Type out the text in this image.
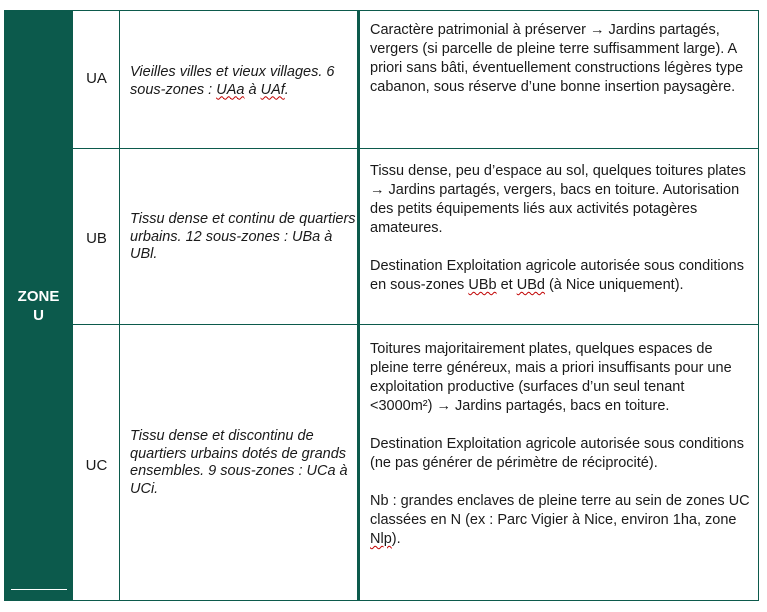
ZONE
U
UA	Vieilles villes et vieux villages. 6 sous-zones : UAa à UAf.

Caractère patrimonial à préserver → Jardins partagés, vergers (si parcelle de pleine terre suffisamment large). A priori sans bâti, éventuellement constructions légères type cabanon, sous réserve d’une bonne insertion paysagère.

UB
Tissu dense et continu de quartiers urbains. 12 sous-zones : UBa à UBl.

Tissu dense, peu d’espace au sol, quelques toitures plates → Jardins partagés, vergers, bacs en toiture. Autorisation des petits équipements liés aux activités potagères amateures.

Destination Exploitation agricole autorisée sous conditions en sous-zones UBb et UBd (à Nice uniquement).

UC
Tissu dense et discontinu de quartiers urbains dotés de grands ensembles. 9 sous-zones : UCa à UCi.

Toitures majoritairement plates, quelques espaces de pleine terre généreux, mais a priori insuffisants pour une exploitation productive (surfaces d’un seul tenant <3000m²) → Jardins partagés, bacs en toiture.

Destination Exploitation agricole autorisée sous conditions (ne pas générer de périmètre de réciprocité).

Nb : grandes enclaves de pleine terre au sein de zones UC classées en N (ex : Parc Vigier à Nice, environ 1ha, zone Nlp).
